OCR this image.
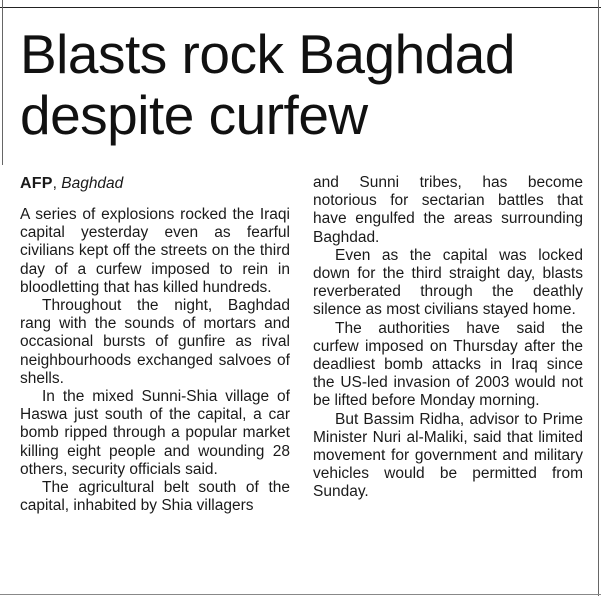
Blasts rock Baghdad despite curfew
AFP, Baghdad

A series of explosions rocked the Iraqi capital yesterday even as fearful civilians kept off the streets on the third day of a curfew imposed to rein in bloodletting that has killed hundreds.

Throughout the night, Baghdad rang with the sounds of mortars and occasional bursts of gunfire as rival neighbourhoods exchanged salvoes of shells.

In the mixed Sunni-Shia village of Haswa just south of the capital, a car bomb ripped through a popular market killing eight people and wounding 28 others, security officials said.

The agricultural belt south of the capital, inhabited by Shia villagers

and Sunni tribes, has become notorious for sectarian battles that have engulfed the areas surrounding Baghdad.

Even as the capital was locked down for the third straight day, blasts reverberated through the deathly silence as most civilians stayed home.

The authorities have said the curfew imposed on Thursday after the deadliest bomb attacks in Iraq since the US-led invasion of 2003 would not be lifted before Monday morning.

But Bassim Ridha, advisor to Prime Minister Nuri al-Maliki, said that limited movement for government and military vehicles would be permitted from Sunday.
